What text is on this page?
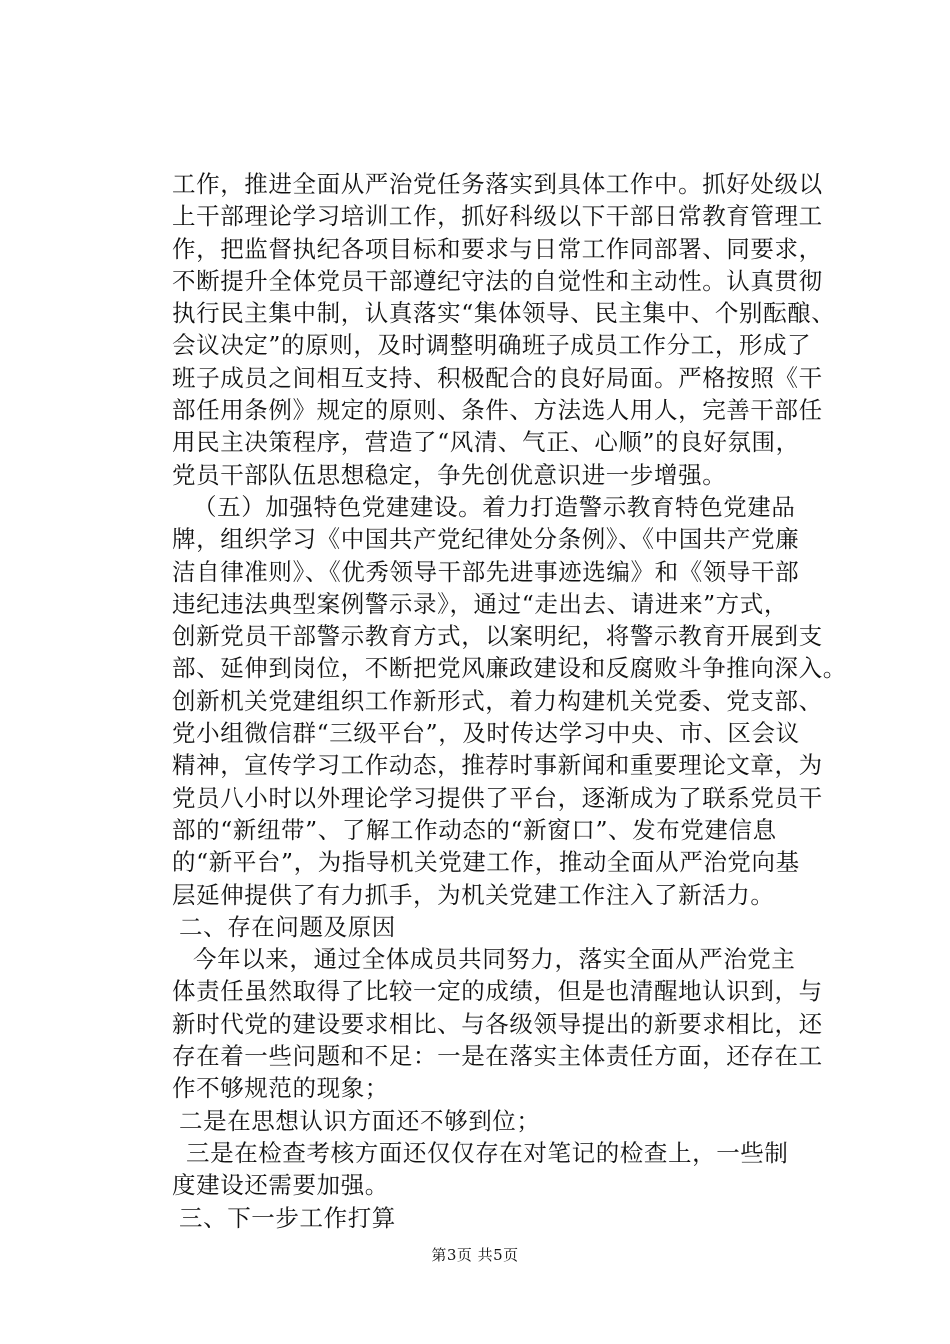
工作，推进全面从严治党任务落实到具体工作中。抓好处级以
上干部理论学习培训工作，抓好科级以下干部日常教育管理工
作，把监督执纪各项目标和要求与日常工作同部署、同要求，
不断提升全体党员干部遵纪守法的自觉性和主动性。认真贯彻
执行民主集中制，认真落实“集体领导、民主集中、个别酝酿、
会议决定”的原则，及时调整明确班子成员工作分工，形成了
班子成员之间相互支持、积极配合的良好局面。严格按照《干
部任用条例》规定的原则、条件、方法选人用人，完善干部任
用民主决策程序，营造了“风清、气正、心顺”的良好氛围，
党员干部队伍思想稳定，争先创优意识进一步增强。
（五）加强特色党建建设。着力打造警示教育特色党建品
牌，组织学习《中国共产党纪律处分条例》、《中国共产党廉
洁自律准则》、《优秀领导干部先进事迹选编》和《领导干部
违纪违法典型案例警示录》，通过“走出去、请进来”方式，
创新党员干部警示教育方式，以案明纪，将警示教育开展到支
部、延伸到岗位，不断把党风廉政建设和反腐败斗争推向深入。
创新机关党建组织工作新形式，着力构建机关党委、党支部、
党小组微信群“三级平台”，及时传达学习中央、市、区会议
精神，宣传学习工作动态，推荐时事新闻和重要理论文章，为
党员八小时以外理论学习提供了平台，逐渐成为了联系党员干
部的“新纽带”、了解工作动态的“新窗口”、发布党建信息
的“新平台”，为指导机关党建工作，推动全面从严治党向基
层延伸提供了有力抓手，为机关党建工作注入了新活力。
二、存在问题及原因
今年以来，通过全体成员共同努力，落实全面从严治党主
体责任虽然取得了比较一定的成绩，但是也清醒地认识到，与
新时代党的建设要求相比、与各级领导提出的新要求相比，还
存在着一些问题和不足：一是在落实主体责任方面，还存在工
作不够规范的现象；
二是在思想认识方面还不够到位；
三是在检查考核方面还仅仅存在对笔记的检查上，一些制
度建设还需要加强。
三、下一步工作打算
第3页 共5页
